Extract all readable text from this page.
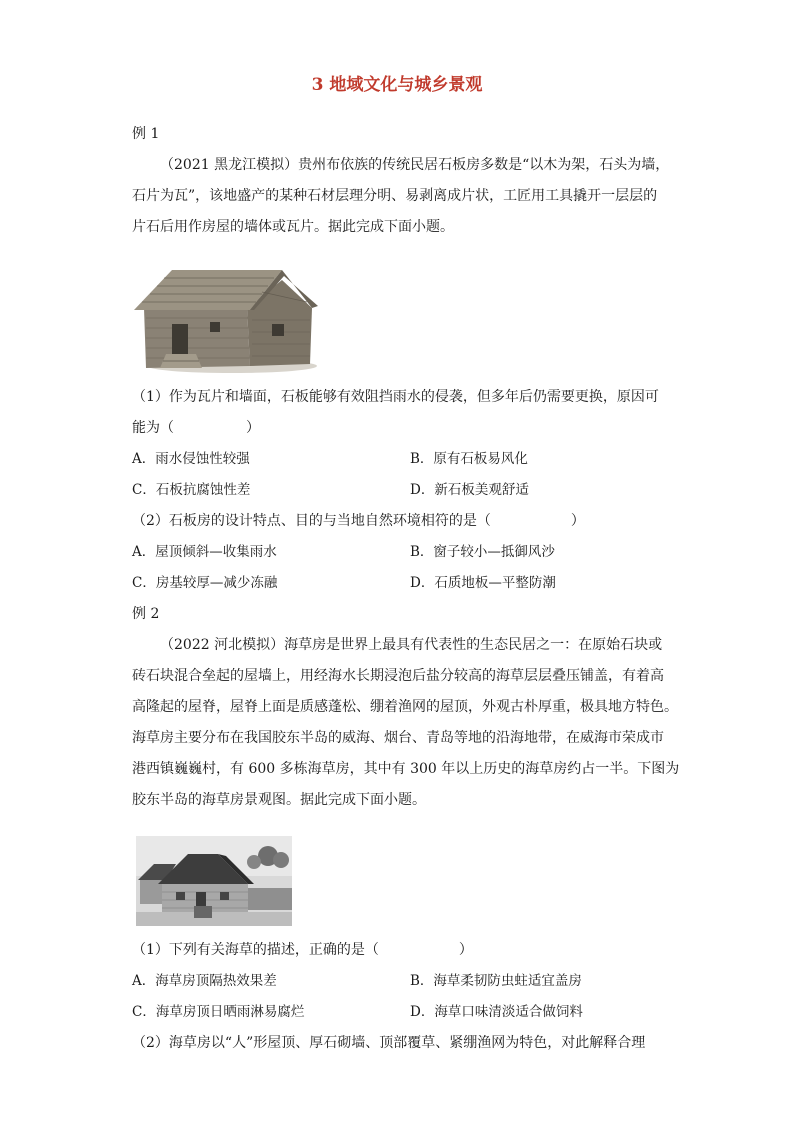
3 地域文化与城乡景观
例 1
（2021 黑龙江模拟）贵州布依族的传统民居石板房多数是“以木为架，石头为墙，
石片为瓦”，该地盛产的某种石材层理分明、易剥离成片状，工匠用工具撬开一层层的
片石后用作房屋的墙体或瓦片。据此完成下面小题。
（1）作为瓦片和墙面，石板能够有效阻挡雨水的侵袭，但多年后仍需要更换，原因可
能为（	）
A．雨水侵蚀性较强	B．原有石板易风化
C．石板抗腐蚀性差	D．新石板美观舒适
（2）石板房的设计特点、目的与当地自然环境相符的是（	）
A．屋顶倾斜—收集雨水	B．窗子较小—抵御风沙
C．房基较厚—减少冻融	D．石质地板—平整防潮
例 2
（2022 河北模拟）海草房是世界上最具有代表性的生态民居之一：在原始石块或
砖石块混合垒起的屋墙上，用经海水长期浸泡后盐分较高的海草层层叠压铺盖，有着高
高隆起的屋脊，屋脊上面是质感蓬松、绷着渔网的屋顶，外观古朴厚重，极具地方特色。
海草房主要分布在我国胶东半岛的威海、烟台、青岛等地的沿海地带，在威海市荣成市
港西镇巍巍村，有 600 多栋海草房，其中有 300 年以上历史的海草房约占一半。下图为
胶东半岛的海草房景观图。据此完成下面小题。
（1）下列有关海草的描述，正确的是（	）
A．海草房顶隔热效果差	B．海草柔韧防虫蛀适宜盖房
C．海草房顶日晒雨淋易腐烂	D．海草口味清淡适合做饲料
（2）海草房以“人”形屋顶、厚石砌墙、顶部覆草、紧绷渔网为特色，对此解释合理
